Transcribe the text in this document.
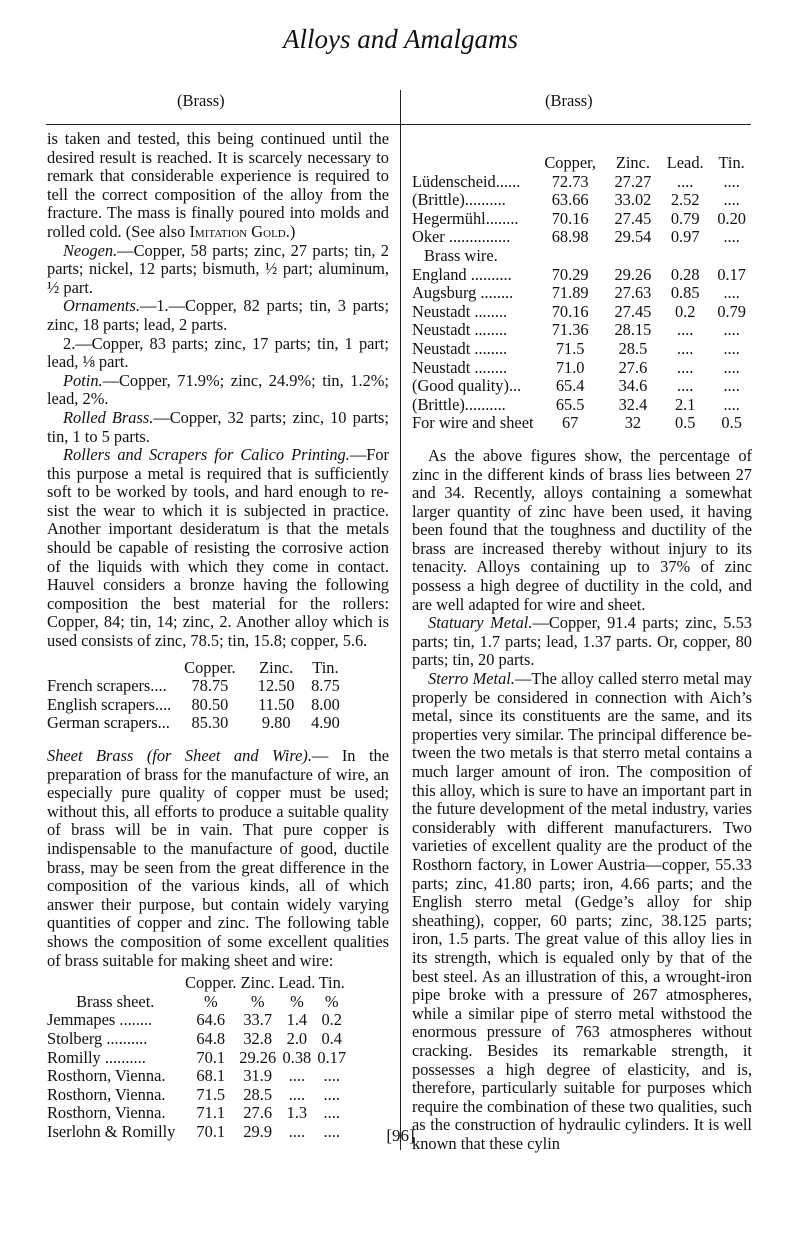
Alloys and Amalgams
(Brass)	(Brass)

is taken and tested, this being continued until the desired result is reached. It is scarcely necessary to remark that considerable experience is required to tell the correct composition of the alloy from the fracture. The mass is finally poured into molds and rolled cold. (See also Imitation Gold.)

Neogen.—Copper, 58 parts; zinc, 27 parts; tin, 2 parts; nickel, 12 parts; bismuth, ½ part; aluminum, ½ part.

Ornaments.—1.—Copper, 82 parts; tin, 3 parts; zinc, 18 parts; lead, 2 parts.

2.—Copper, 83 parts; zinc, 17 parts; tin, 1 part; lead, ⅛ part.

Potin.—Copper, 71.9%; zinc, 24.9%; tin, 1.2%; lead, 2%.

Rolled Brass.—Copper, 32 parts; zinc, 10 parts; tin, 1 to 5 parts.

Rollers and Scrapers for Calico Printing.—For this purpose a metal is required that is sufficiently soft to be worked by tools, and hard enough to resist the wear to which it is subjected in practice. Another important desideratum is that the metals should be capable of resisting the corrosive action of the liquids with which they come in contact. Hauvel considers a bronze having the following composition the best material for the rollers: Copper, 84; tin, 14; zinc, 2. Another alloy which is used consists of zinc, 78.5; tin, 15.8; copper, 5.6.

	Copper.	Zinc.	Tin.
French scrapers....	78.75	12.50	8.75
English scrapers....	80.50	11.50	8.00
German scrapers...	85.30	9.80	4.90

Sheet Brass (for Sheet and Wire).— In the preparation of brass for the manufacture of wire, an especially pure quality of copper must be used; without this, all efforts to produce a suitable quality of brass will be in vain. That pure copper is indispensable to the manufacture of good, ductile brass, may be seen from the great difference in the composition of the various kinds, all of which answer their purpose, but contain widely varying quantities of copper and zinc. The following table shows the composition of some excellent qualities of brass suitable for making sheet and wire:

	Copper.	Zinc.	Lead.	Tin.
Brass sheet.	%	%	%	%
Jemmapes ........	64.6	33.7	1.4	0.2
Stolberg ..........	64.8	32.8	2.0	0.4
Romilly ..........	70.1	29.26	0.38	0.17
Rosthorn, Vienna.	68.1	31.9	....	....
Rosthorn, Vienna.	71.5	28.5	....	....
Rosthorn, Vienna.	71.1	27.6	1.3	....
Iserlohn & Romilly	70.1	29.9	....	....
	Copper,	Zinc.	Lead.	Tin.
Lüdenscheid......	72.73	27.27	....	....
(Brittle)..........	63.66	33.02	2.52	....
Hegermühl........	70.16	27.45	0.79	0.20
Oker ...............	68.98	29.54	0.97	....
Brass wire.				
England ..........	70.29	29.26	0.28	0.17
Augsburg ........	71.89	27.63	0.85	....
Neustadt ........	70.16	27.45	0.2	0.79
Neustadt ........	71.36	28.15	....	....
Neustadt ........	71.5	28.5	....	....
Neustadt ........	71.0	27.6	....	....
(Good quality)...	65.4	34.6	....	....
(Brittle)..........	65.5	32.4	2.1	....
For wire and sheet	67	32	0.5	0.5

As the above figures show, the percentage of zinc in the different kinds of brass lies between 27 and 34. Recently, alloys containing a somewhat larger quantity of zinc have been used, it having been found that the toughness and ductility of the brass are increased thereby without injury to its tenacity. Alloys containing up to 37% of zinc possess a high degree of ductility in the cold, and are well adapted for wire and sheet.

Statuary Metal.—Copper, 91.4 parts; zinc, 5.53 parts; tin, 1.7 parts; lead, 1.37 parts. Or, copper, 80 parts; tin, 20 parts.

Sterro Metal.—The alloy called sterro metal may properly be considered in connection with Aich’s metal, since its constituents are the same, and its properties very similar. The principal difference between the two metals is that sterro metal contains a much larger amount of iron. The composition of this alloy, which is sure to have an important part in the future development of the metal industry, varies considerably with different manufacturers. Two varieties of excellent quality are the product of the Rosthorn factory, in Lower Austria—copper, 55.33 parts; zinc, 41.80 parts; iron, 4.66 parts; and the English sterro metal (Gedge’s alloy for ship sheathing), copper, 60 parts; zinc, 38.125 parts; iron, 1.5 parts. The great value of this alloy lies in its strength, which is equaled only by that of the best steel. As an illustration of this, a wrought-iron pipe broke with a pressure of 267 atmospheres, while a similar pipe of sterro metal withstood the enormous pressure of 763 atmospheres without cracking. Besides its remarkable strength, it possesses a high degree of elasticity, and is, therefore, particularly suitable for purposes which require the combination of these two qualities, such as the construction of hydraulic cylinders. It is well known that these cylin

[96]
